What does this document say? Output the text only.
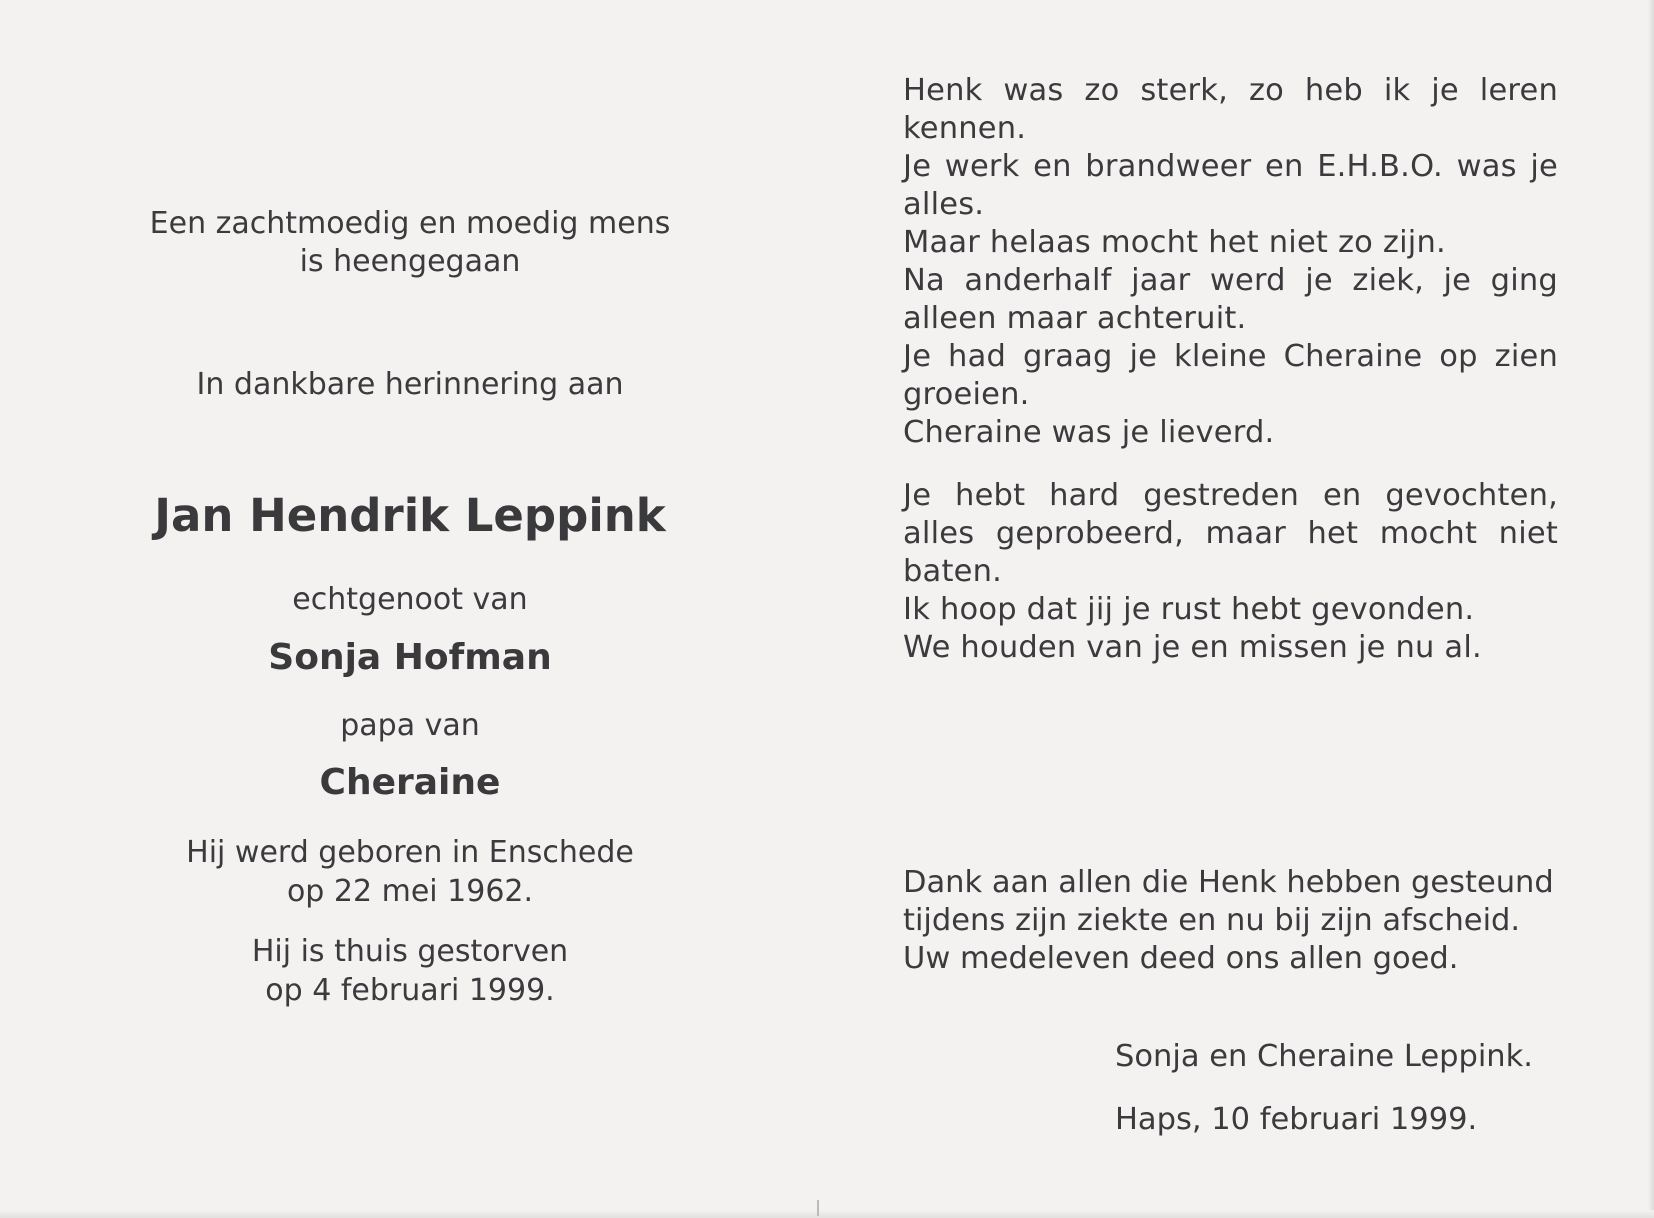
Een zachtmoedig en moedig mens
is heengegaan
In dankbare herinnering aan
Jan Hendrik Leppink
echtgenoot van
Sonja Hofman
papa van
Cheraine
Hij werd geboren in Enschede
op 22 mei 1962.
Hij is thuis gestorven
op 4 februari 1999.

Henk was zo sterk, zo heb ik je leren kennen.

Je werk en brandweer en E.H.B.O. was je alles.

Maar helaas mocht het niet zo zijn.

Na anderhalf jaar werd je ziek, je ging alleen maar achteruit.

Je had graag je kleine Cheraine op zien groeien.

Cheraine was je lieverd.

Je hebt hard gestreden en gevochten, alles geprobeerd, maar het mocht niet baten.

Ik hoop dat jij je rust hebt gevonden.

We houden van je en missen je nu al.

Dank aan allen die Henk hebben gesteund tijdens zijn ziekte en nu bij zijn afscheid.

Uw medeleven deed ons allen goed.

Sonja en Cheraine Leppink.
Haps, 10 februari 1999.
